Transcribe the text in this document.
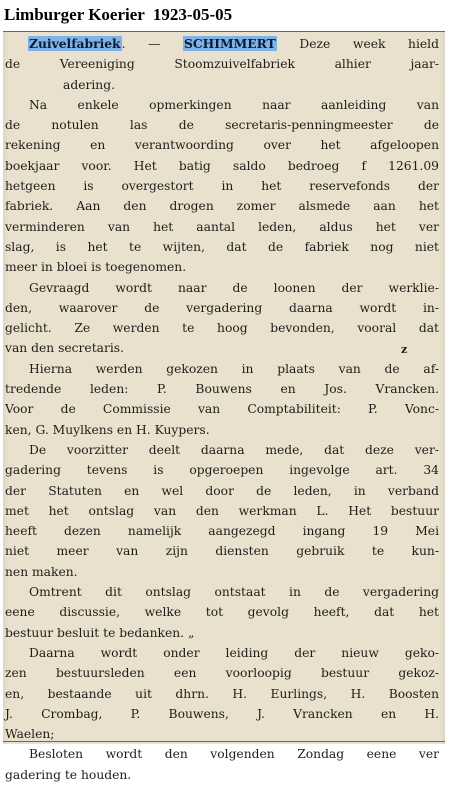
Limburger Koerier 1923-05-05
Zuivelfabriek. — SCHIMMERT Deze week hield
de Vereeniging Stoomzuivelfabriek alhier jaar-
adering.
Na enkele opmerkingen naar aanleiding van
de notulen las de secretaris-penningmeester de
rekening en verantwoording over het afgeloopen
boekjaar voor. Het batig saldo bedroeg f 1261.09
hetgeen is overgestort in het reservefonds der
fabriek. Aan den drogen zomer alsmede aan het
verminderen van het aantal leden, aldus het ver
slag, is het te wijten, dat de fabriek nog niet
meer in bloei is toegenomen.
Gevraagd wordt naar de loonen der werklie-
den, waarover de vergadering daarna wordt in-
gelicht. Ze werden te hoog bevonden, vooral dat
van den secretaris.	z
Hierna werden gekozen in plaats van de af-
tredende leden: P. Bouwens en Jos. Vrancken.
Voor de Commissie van Comptabiliteit: P. Vonc-
ken, G. Muylkens en H. Kuypers.
De voorzitter deelt daarna mede, dat deze ver-
gadering tevens is opgeroepen ingevolge art. 34
der Statuten en wel door de leden, in verband
met het ontslag van den werkman L. Het bestuur
heeft dezen namelijk aangezegd ingang 19 Mei
niet meer van zijn diensten gebruik te kun-
nen maken.
Omtrent dit ontslag ontstaat in de vergadering
eene discussie, welke tot gevolg heeft, dat het
bestuur besluit te bedanken. „
Daarna wordt onder leiding der nieuw geko-
zen bestuursleden een voorloopig bestuur gekoz-
en, bestaande uit dhrn. H. Eurlings, H. Boosten
J. Crombag, P. Bouwens, J. Vrancken en H.
Waelen;
Besloten wordt den volgenden Zondag eene ver
gadering te houden.
